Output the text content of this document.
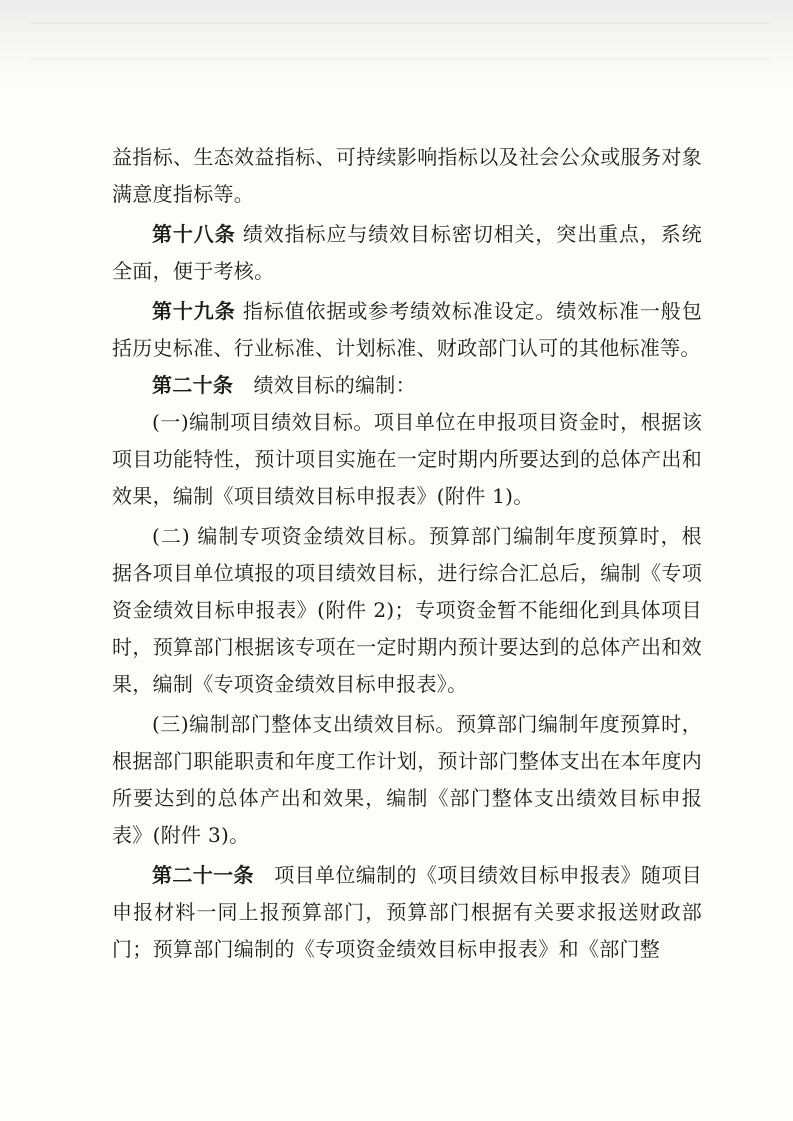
益指标、生态效益指标、可持续影响指标以及社会公众或服务对象满意度指标等。

第十八条 绩效指标应与绩效目标密切相关，突出重点，系统全面，便于考核。

第十九条 指标值依据或参考绩效标准设定。绩效标准一般包括历史标准、行业标准、计划标准、财政部门认可的其他标准等。

第二十条　绩效目标的编制：

(一)编制项目绩效目标。项目单位在申报项目资金时，根据该项目功能特性，预计项目实施在一定时期内所要达到的总体产出和效果，编制《项目绩效目标申报表》(附件 1)。

(二) 编制专项资金绩效目标。预算部门编制年度预算时，根据各项目单位填报的项目绩效目标，进行综合汇总后，编制《专项资金绩效目标申报表》(附件 2)；专项资金暂不能细化到具体项目时，预算部门根据该专项在一定时期内预计要达到的总体产出和效果，编制《专项资金绩效目标申报表》。

(三)编制部门整体支出绩效目标。预算部门编制年度预算时，根据部门职能职责和年度工作计划，预计部门整体支出在本年度内所要达到的总体产出和效果，编制《部门整体支出绩效目标申报表》(附件 3)。

第二十一条　项目单位编制的《项目绩效目标申报表》随项目申报材料一同上报预算部门，预算部门根据有关要求报送财政部门；预算部门编制的《专项资金绩效目标申报表》和《部门整
